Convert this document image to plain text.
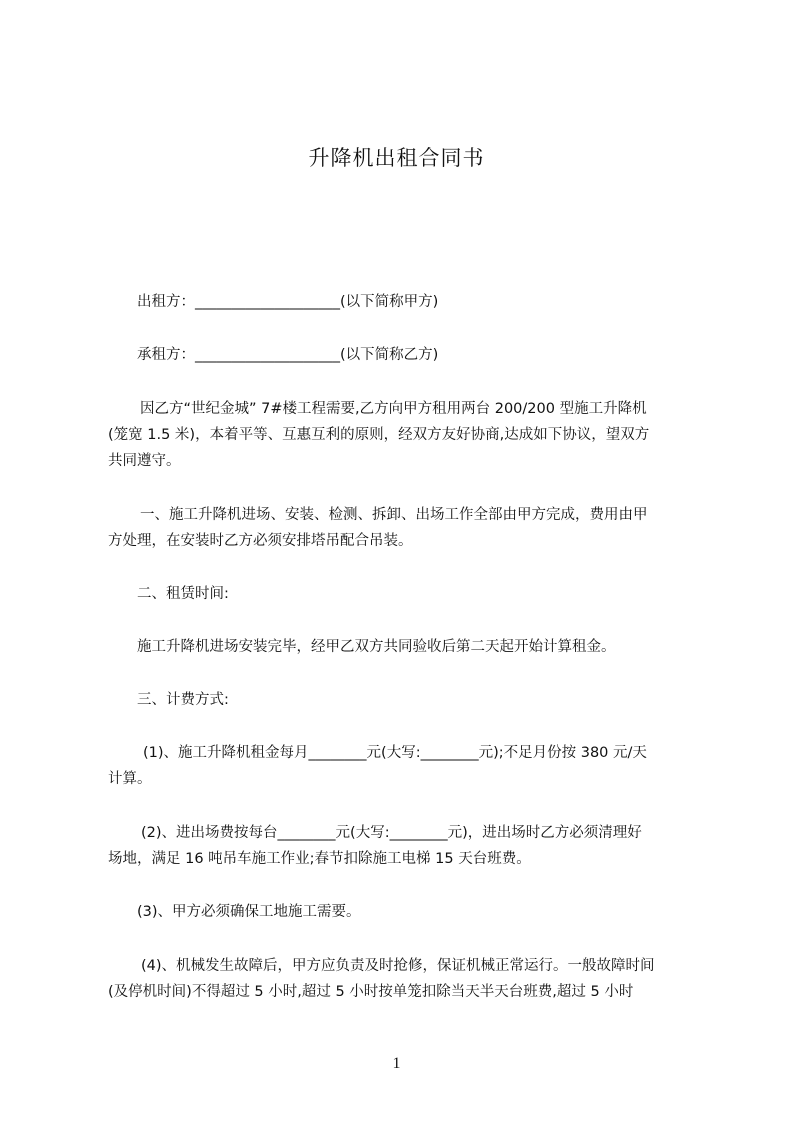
升降机出租合同书
出租方：____________________(以下简称甲方)
承租方：____________________(以下简称乙方)
因乙方“世纪金城” 7#楼工程需要,乙方向甲方租用两台 200/200 型施工升降机
(笼宽 1.5 米)，本着平等、互惠互利的原则，经双方友好协商,达成如下协议，望双方
共同遵守。
一、施工升降机进场、安装、检测、拆卸、出场工作全部由甲方完成，费用由甲
方处理，在安装时乙方必须安排塔吊配合吊装。
二、租赁时间:
施工升降机进场安装完毕，经甲乙双方共同验收后第二天起开始计算租金。
三、计费方式:
(1)、施工升降机租金每月________元(大写:________元);不足月份按 380 元/天
计算。
(2)、进出场费按每台________元(大写:________元)，进出场时乙方必须清理好
场地，满足 16 吨吊车施工作业;春节扣除施工电梯 15 天台班费。
(3)、甲方必须确保工地施工需要。
(4)、机械发生故障后，甲方应负责及时抢修，保证机械正常运行。一般故障时间
(及停机时间)不得超过 5 小时,超过 5 小时按单笼扣除当天半天台班费,超过 5 小时
1
